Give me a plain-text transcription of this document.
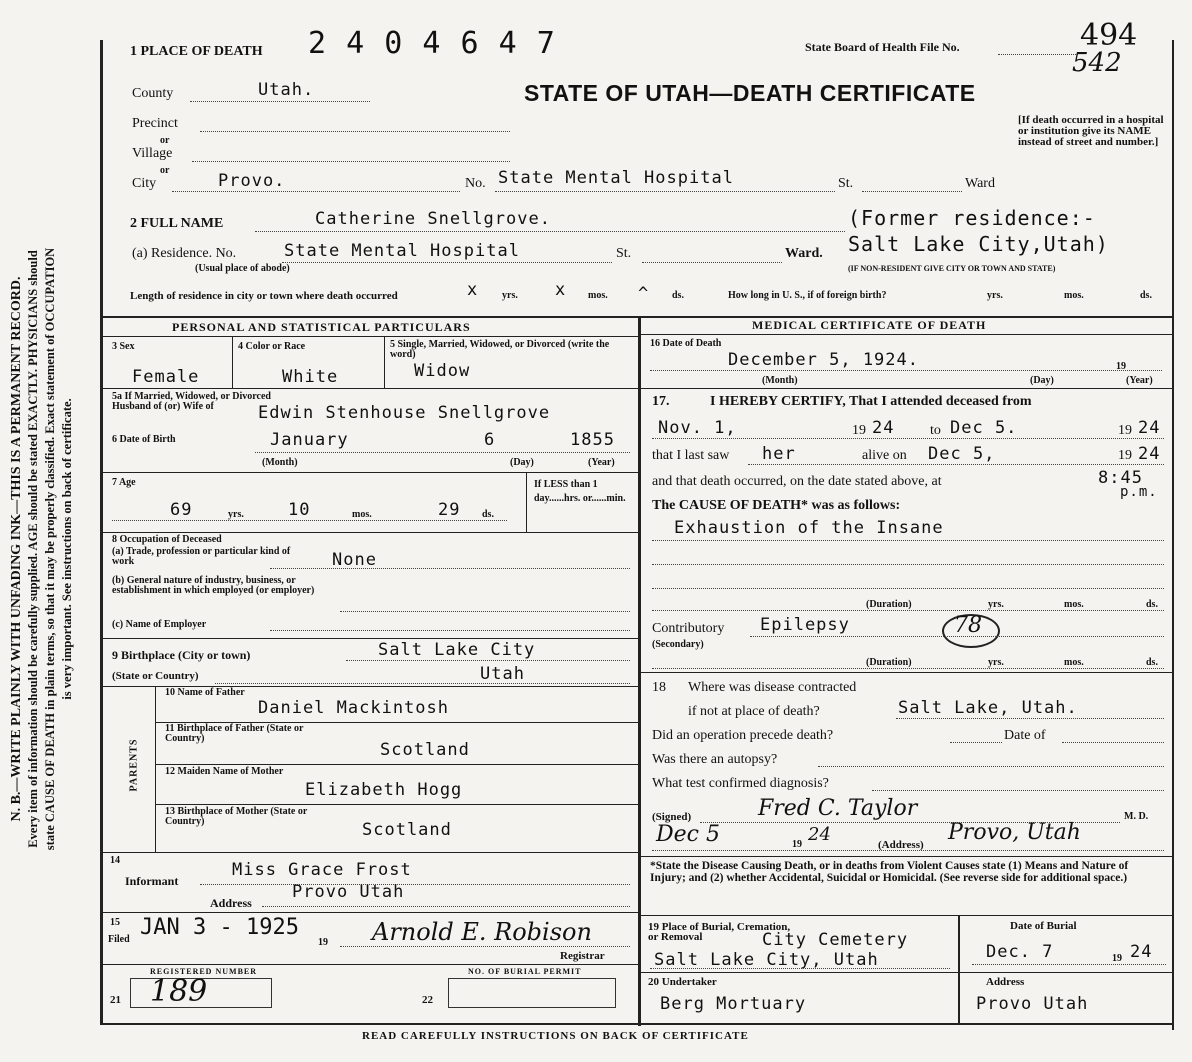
N. B.—WRITE PLAINLY WITH UNFADING INK—THIS IS A PERMANENT RECORD. Every item of information should be carefully supplied. AGE should be stated EXACTLY. PHYSICIANS should state CAUSE OF DEATH in plain terms, so that it may be properly classified. Exact statement of OCCUPATION is very important. See instructions on back of certificate.
1 PLACE OF DEATH 2 4 0 4 6 4 7	State Board of Health File No.	494
542
STATE OF UTAH—DEATH CERTIFICATE
[If death occurred in a hospital or institution give its NAME instead of street and number.]
County	Utah.
Precinct
or
Village
or
City	Provo.	No. State Mental Hospital	St.	Ward
2 FULL NAME	Catherine Snellgrove.	(Former residence:-
(a) Residence. No.
(Usual place of abode)
State Mental Hospital	St.	Ward. Salt Lake City,Utah)
(IF NON-RESIDENT GIVE CITY OR TOWN AND STATE)
Length of residence in city or town where death occurred	x yrs. x mos. ^ ds.	How long in U. S., if of foreign birth?	yrs.	mos.	ds.
PERSONAL AND STATISTICAL PARTICULARS
3 Sex
Female
4 Color or Race
White
5 Single, Married, Widowed, or Divorced (write the word)
Widow
5a If Married, Widowed, or Divorced Husband of (or) Wife of	Edwin Stenhouse Snellgrove
6 Date of Birth	January	6	1855
(Month)	(Day)	(Year)
7 Age
69	yrs.	10	mos.	29 ds.
If LESS than 1 day......hrs. or......min.
8 Occupation of Deceased
(a) Trade, profession or particular kind of work	None
(b) General nature of industry, business, or establishment in which employed (or employer)
(c) Name of Employer
9 Birthplace (City or town)	Salt Lake City
(State or Country)	Utah
PARENTS
10 Name of Father
Daniel Mackintosh
11 Birthplace of Father (State or Country)
Scotland
12 Maiden Name of Mother
Elizabeth Hogg
13 Birthplace of Mother (State or Country)	Scotland
14
Informant
Miss Grace Frost
Address
Provo Utah
15
Filed JAN 3 - 1925
19 Arnold E. Robison
Registrar
REGISTERED NUMBER	NO. OF BURIAL PERMIT
21 189	22
MEDICAL CERTIFICATE OF DEATH
16 Date of Death
December 5, 1924.	19
(Month)	(Day)	(Year)
17.	I HEREBY CERTIFY, That I attended deceased from
Nov. 1,	19 24	to Dec 5.	19 24
that I last saw her	alive on Dec 5,	19 24
and that death occurred, on the date stated above, at	8:45
p.m.
The CAUSE OF DEATH* was as follows:
Exhaustion of the Insane
(Duration)	yrs.	mos.	ds.
Contributory
(Secondary)
Epilepsy	78
(Duration)	yrs.	mos.	ds.
18 Where was disease contracted
if not at place of death?	Salt Lake, Utah.
Did an operation precede death?	Date of
Was there an autopsy?
What test confirmed diagnosis?
(Signed)	Fred C. Taylor	M. D.
Dec 5	19 24	(Address) Provo, Utah
*State the Disease Causing Death, or in deaths from Violent Causes state (1) Means and Nature of Injury; and (2) whether Accidental, Suicidal or Homicidal. (See reverse side for additional space.)
19 Place of Burial, Cremation, or Removal	City Cemetery
Salt Lake City, Utah
Date of Burial
Dec. 7	19 24
20 Undertaker
Berg Mortuary
Address
Provo Utah
READ CAREFULLY INSTRUCTIONS ON BACK OF CERTIFICATE
